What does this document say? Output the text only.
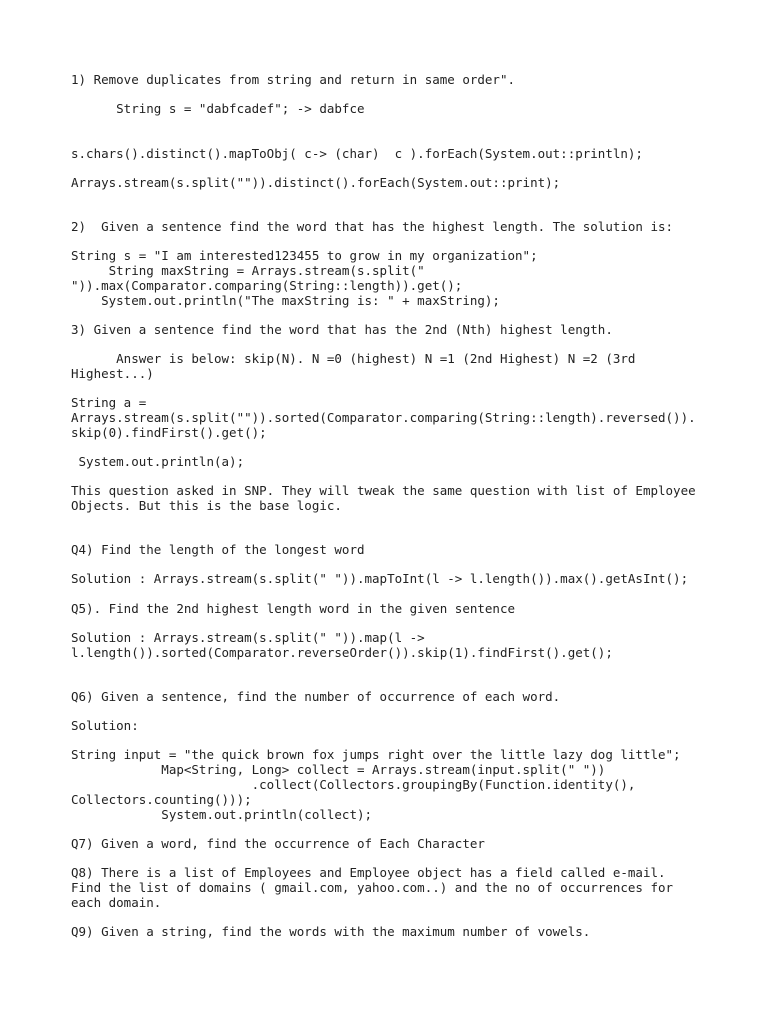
1) Remove duplicates from string and return in same order".

String s = "dabfcadef"; -> dabfce

s.chars().distinct().mapToObj( c-> (char)  c ).forEach(System.out::println);

Arrays.stream(s.split("")).distinct().forEach(System.out::print);

2)  Given a sentence find the word that has the highest length. The solution is:

String s = "I am interested123455 to grow in my organization";

String maxString = Arrays.stream(s.split("

")).max(Comparator.comparing(String::length)).get();

System.out.println("The maxString is: " + maxString);

3) Given a sentence find the word that has the 2nd (Nth) highest length.

Answer is below: skip(N). N =0 (highest) N =1 (2nd Highest) N =2 (3rd

Highest...)

String a =

Arrays.stream(s.split("")).sorted(Comparator.comparing(String::length).reversed()).

skip(0).findFirst().get();

System.out.println(a);

This question asked in SNP. They will tweak the same question with list of Employee

Objects. But this is the base logic.

Q4) Find the length of the longest word

Solution : Arrays.stream(s.split(" ")).mapToInt(l -> l.length()).max().getAsInt();

Q5). Find the 2nd highest length word in the given sentence

Solution : Arrays.stream(s.split(" ")).map(l ->

l.length()).sorted(Comparator.reverseOrder()).skip(1).findFirst().get();

Q6) Given a sentence, find the number of occurrence of each word.

Solution:

String input = "the quick brown fox jumps right over the little lazy dog little";

Map<String, Long> collect = Arrays.stream(input.split(" "))

.collect(Collectors.groupingBy(Function.identity(),

Collectors.counting()));

System.out.println(collect);

Q7) Given a word, find the occurrence of Each Character

Q8) There is a list of Employees and Employee object has a field called e-mail.

Find the list of domains ( gmail.com, yahoo.com..) and the no of occurrences for

each domain.

Q9) Given a string, find the words with the maximum number of vowels.
